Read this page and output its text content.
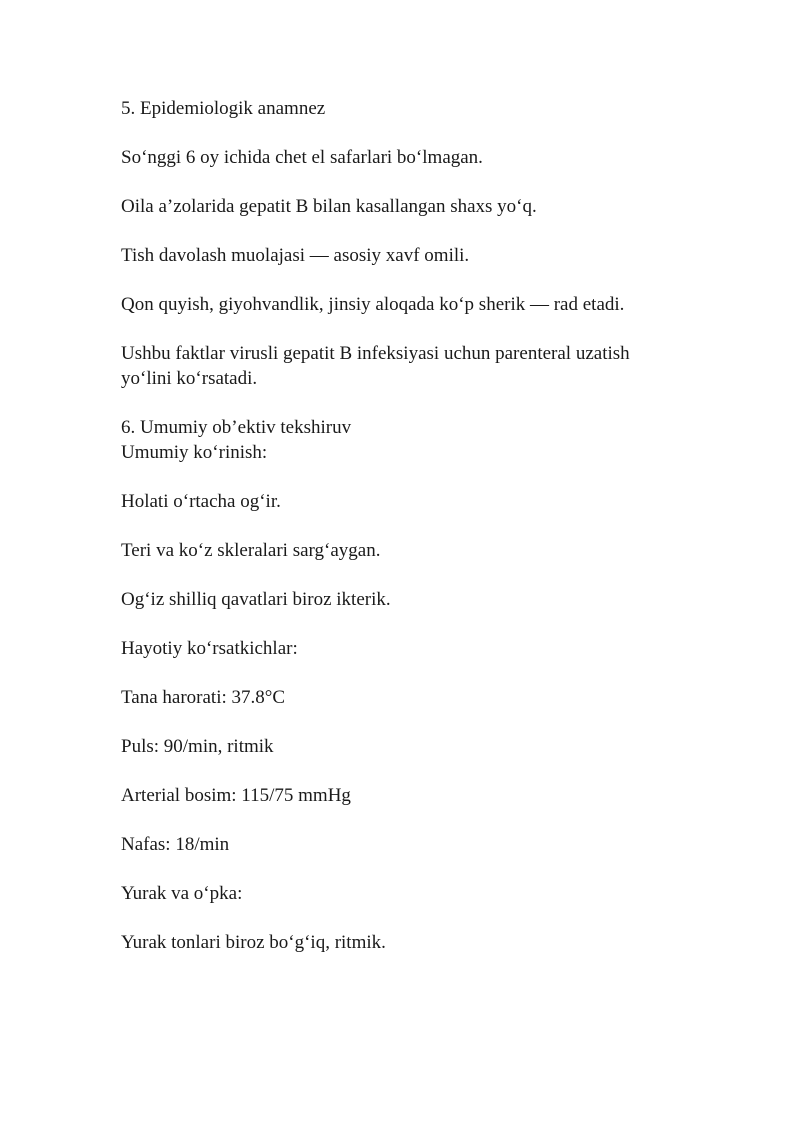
5. Epidemiologik anamnez

So‘nggi 6 oy ichida chet el safarlari bo‘lmagan.

Oila a’zolarida gepatit B bilan kasallangan shaxs yo‘q.

Tish davolash muolajasi — asosiy xavf omili.

Qon quyish, giyohvandlik, jinsiy aloqada ko‘p sherik — rad etadi.

Ushbu faktlar virusli gepatit B infeksiyasi uchun parenteral uzatish yo‘lini ko‘rsatadi.

6. Umumiy ob’ektiv tekshiruv

Umumiy ko‘rinish:

Holati o‘rtacha og‘ir.

Teri va ko‘z skleralari sarg‘aygan.

Og‘iz shilliq qavatlari biroz ikterik.

Hayotiy ko‘rsatkichlar:

Tana harorati: 37.8°C

Puls: 90/min, ritmik

Arterial bosim: 115/75 mmHg

Nafas: 18/min

Yurak va o‘pka:

Yurak tonlari biroz bo‘g‘iq, ritmik.
